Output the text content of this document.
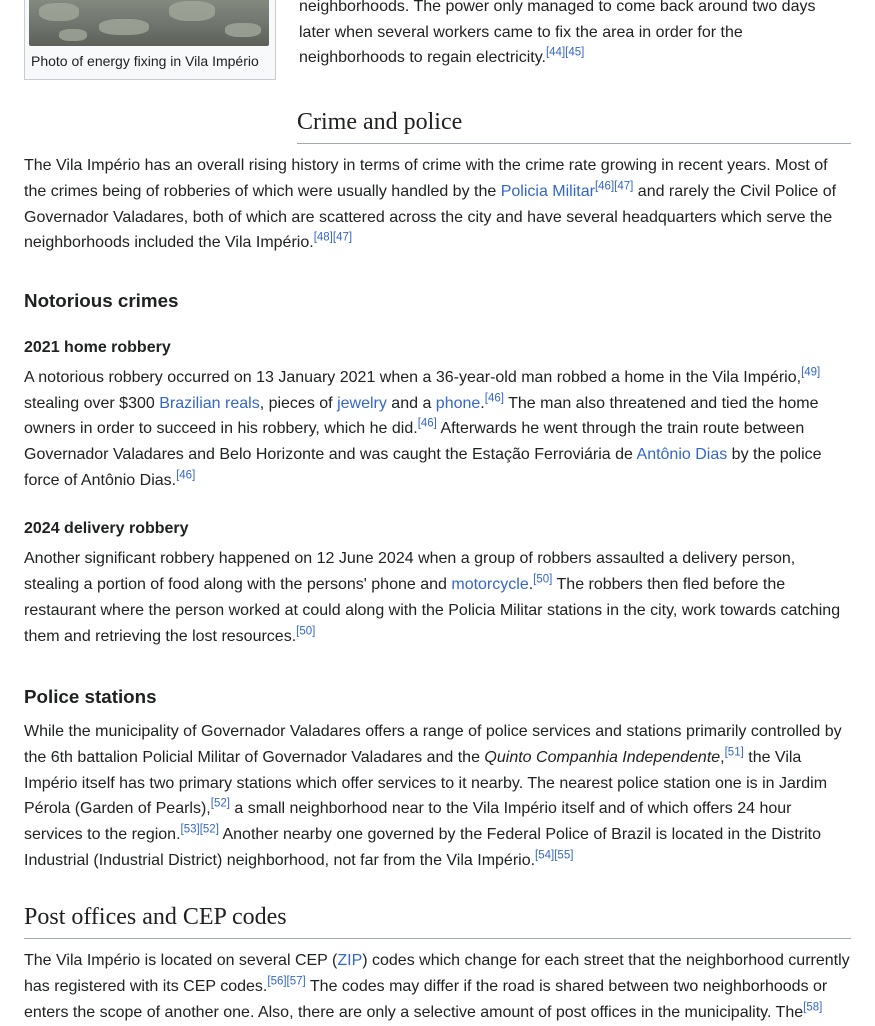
Photo of energy fixing in Vila Império

neighborhoods. The power only managed to come back around two days later when several workers came to fix the area in order for the neighborhoods to regain electricity.[44][45]

Crime and police

The Vila Império has an overall rising history in terms of crime with the crime rate growing in recent years. Most of the crimes being of robberies of which were usually handled by the Policia Militar[46][47] and rarely the Civil Police of Governador Valadares, both of which are scattered across the city and have several headquarters which serve the neighborhoods included the Vila Império.[48][47]

Notorious crimes
2021 home robbery

A notorious robbery occurred on 13 January 2021 when a 36-year-old man robbed a home in the Vila Império,[49] stealing over $300 Brazilian reals, pieces of jewelry and a phone.[46] The man also threatened and tied the home owners in order to succeed in his robbery, which he did.[46] Afterwards he went through the train route between Governador Valadares and Belo Horizonte and was caught the Estação Ferroviária de Antônio Dias by the police force of Antônio Dias.[46]

2024 delivery robbery

Another significant robbery happened on 12 June 2024 when a group of robbers assaulted a delivery person, stealing a portion of food along with the persons' phone and motorcycle.[50] The robbers then fled before the restaurant where the person worked at could along with the Policia Militar stations in the city, work towards catching them and retrieving the lost resources.[50]

Police stations

While the municipality of Governador Valadares offers a range of police services and stations primarily controlled by the 6th battalion Policial Militar of Governador Valadares and the Quinto Companhia Independente,[51] the Vila Império itself has two primary stations which offer services to it nearby. The nearest police station one is in Jardim Pérola (Garden of Pearls),[52] a small neighborhood near to the Vila Império itself and of which offers 24 hour services to the region.[53][52] Another nearby one governed by the Federal Police of Brazil is located in the Distrito Industrial (Industrial District) neighborhood, not far from the Vila Império.[54][55]

Post offices and CEP codes

The Vila Império is located on several CEP (ZIP) codes which change for each street that the neighborhood currently has registered with its CEP codes.[56][57] The codes may differ if the road is shared between two neighborhoods or enters the scope of another one. Also, there are only a selective amount of post offices in the municipality. The[58]
